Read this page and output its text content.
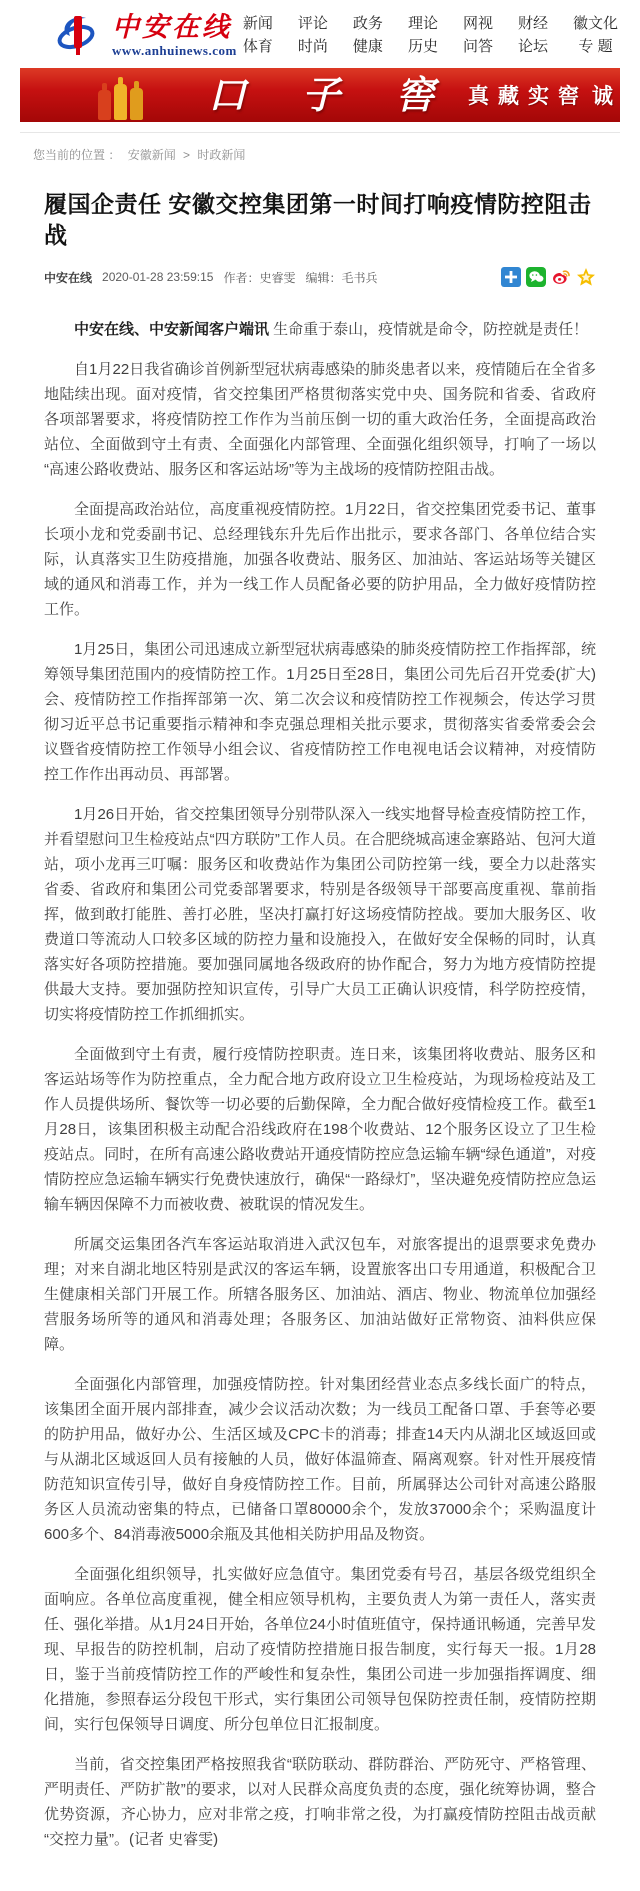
中安在线
www.anhuinews.com
新闻
体育
评论
时尚
政务
健康
理论
历史
网视
问答
财经
论坛
徽文化
专 题
口 子 窖 真藏实窖 诚
您当前的位置 ： 安徽新闻 > 时政新闻
履国企责任 安徽交控集团第一时间打响疫情防控阻击战
中安在线 2020-01-28 23:59:15 作者：史睿雯 编辑：毛书兵

中安在线、中安新闻客户端讯 生命重于泰山，疫情就是命令，防控就是责任！

自1月22日我省确诊首例新型冠状病毒感染的肺炎患者以来，疫情随后在全省多地陆续出现。面对疫情，省交控集团严格贯彻落实党中央、国务院和省委、省政府各项部署要求，将疫情防控工作作为当前压倒一切的重大政治任务，全面提高政治站位、全面做到守土有责、全面强化内部管理、全面强化组织领导，打响了一场以“高速公路收费站、服务区和客运站场”等为主战场的疫情防控阻击战。

全面提高政治站位，高度重视疫情防控。1月22日，省交控集团党委书记、董事长项小龙和党委副书记、总经理钱东升先后作出批示，要求各部门、各单位结合实际，认真落实卫生防疫措施，加强各收费站、服务区、加油站、客运站场等关键区域的通风和消毒工作，并为一线工作人员配备必要的防护用品，全力做好疫情防控工作。

1月25日，集团公司迅速成立新型冠状病毒感染的肺炎疫情防控工作指挥部，统筹领导集团范围内的疫情防控工作。1月25日至28日，集团公司先后召开党委(扩大)会、疫情防控工作指挥部第一次、第二次会议和疫情防控工作视频会，传达学习贯彻习近平总书记重要指示精神和李克强总理相关批示要求，贯彻落实省委常委会会议暨省疫情防控工作领导小组会议、省疫情防控工作电视电话会议精神，对疫情防控工作作出再动员、再部署。

1月26日开始，省交控集团领导分别带队深入一线实地督导检查疫情防控工作，并看望慰问卫生检疫站点“四方联防”工作人员。在合肥绕城高速金寨路站、包河大道站，项小龙再三叮嘱：服务区和收费站作为集团公司防控第一线，要全力以赴落实省委、省政府和集团公司党委部署要求，特别是各级领导干部要高度重视、靠前指挥，做到敢打能胜、善打必胜，坚决打赢打好这场疫情防控战。要加大服务区、收费道口等流动人口较多区域的防控力量和设施投入，在做好安全保畅的同时，认真落实好各项防控措施。要加强同属地各级政府的协作配合，努力为地方疫情防控提供最大支持。要加强防控知识宣传，引导广大员工正确认识疫情，科学防控疫情，切实将疫情防控工作抓细抓实。

全面做到守土有责，履行疫情防控职责。连日来，该集团将收费站、服务区和客运站场等作为防控重点，全力配合地方政府设立卫生检疫站，为现场检疫站及工作人员提供场所、餐饮等一切必要的后勤保障，全力配合做好疫情检疫工作。截至1月28日，该集团积极主动配合沿线政府在198个收费站、12个服务区设立了卫生检疫站点。同时，在所有高速公路收费站开通疫情防控应急运输车辆“绿色通道”，对疫情防控应急运输车辆实行免费快速放行，确保“一路绿灯”，坚决避免疫情防控应急运输车辆因保障不力而被收费、被耽误的情况发生。

所属交运集团各汽车客运站取消进入武汉包车，对旅客提出的退票要求免费办理；对来自湖北地区特别是武汉的客运车辆，设置旅客出口专用通道，积极配合卫生健康相关部门开展工作。所辖各服务区、加油站、酒店、物业、物流单位加强经营服务场所等的通风和消毒处理；各服务区、加油站做好正常物资、油料供应保障。

全面强化内部管理，加强疫情防控。针对集团经营业态点多线长面广的特点，该集团全面开展内部排查，减少会议活动次数；为一线员工配备口罩、手套等必要的防护用品，做好办公、生活区域及CPC卡的消毒；排查14天内从湖北区域返回或与从湖北区域返回人员有接触的人员，做好体温筛查、隔离观察。针对性开展疫情防范知识宣传引导，做好自身疫情防控工作。目前，所属驿达公司针对高速公路服务区人员流动密集的特点，已储备口罩80000余个，发放37000余个；采购温度计600多个、84消毒液5000余瓶及其他相关防护用品及物资。

全面强化组织领导，扎实做好应急值守。集团党委有号召，基层各级党组织全面响应。各单位高度重视，健全相应领导机构，主要负责人为第一责任人，落实责任、强化举措。从1月24日开始，各单位24小时值班值守，保持通讯畅通，完善早发现、早报告的防控机制，启动了疫情防控措施日报告制度，实行每天一报。1月28日，鉴于当前疫情防控工作的严峻性和复杂性，集团公司进一步加强指挥调度、细化措施，参照春运分段包干形式，实行集团公司领导包保防控责任制，疫情防控期间，实行包保领导日调度、所分包单位日汇报制度。

当前，省交控集团严格按照我省“联防联动、群防群治、严防死守、严格管理、严明责任、严防扩散”的要求，以对人民群众高度负责的态度，强化统筹协调，整合优势资源，齐心协力，应对非常之疫，打响非常之役，为打赢疫情防控阻击战贡献“交控力量”。(记者 史睿雯)
